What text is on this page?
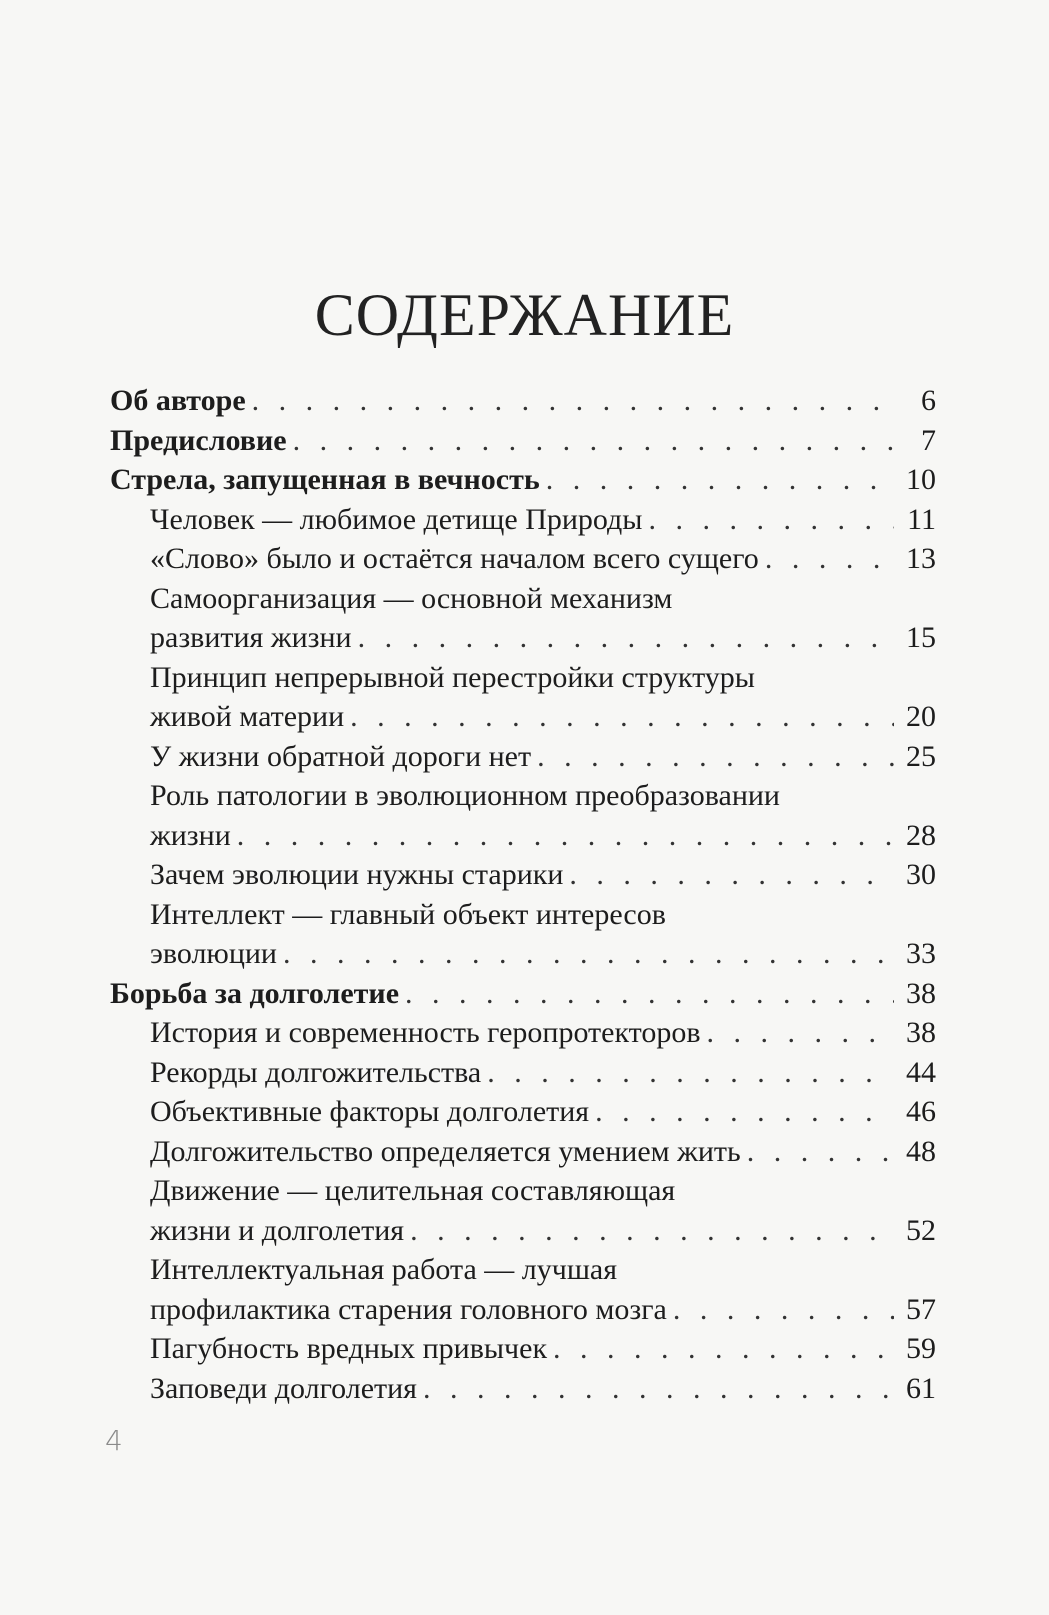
СОДЕРЖАНИЕ
Об авторе . . .	6
Предисловие . . .	7
Стрела, запущенная в вечность . . .	10
Человек — любимое детище Природы . . .	11
«Слово» было и остаётся началом всего сущего . . .	13
Самоорганизация — основной механизм
развития жизни . . .	15
Принцип непрерывной перестройки структуры
живой материи . . .	20
У жизни обратной дороги нет . . .	25
Роль патологии в эволюционном преобразовании
жизни . . .	28
Зачем эволюции нужны старики . . .	30
Интеллект — главный объект интересов
эволюции . . .	33
Борьба за долголетие . . .	38
История и современность геропротекторов . . .	38
Рекорды долгожительства . . .	44
Объективные факторы долголетия . . .	46
Долгожительство определяется умением жить . . .	48
Движение — целительная составляющая
жизни и долголетия . . .	52
Интеллектуальная работа — лучшая
профилактика старения головного мозга . . .	57
Пагубность вредных привычек . . .	59
Заповеди долголетия . . .	61
4
